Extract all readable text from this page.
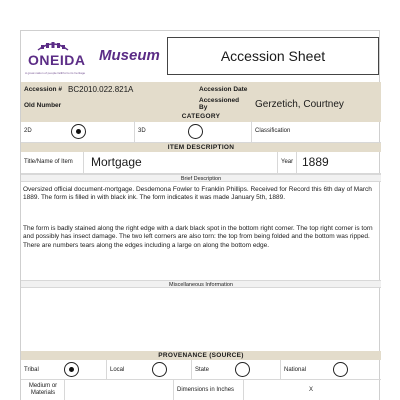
ONEIDA
A great nation of people faithful to its heritage
Museum	Accession Sheet
Accession # BC2010.022.821A	Accession Date
Old Number
Accessioned By	Gerzetich, Courtney
CATEGORY
2D	3D	Classification
ITEM DESCRIPTION
Title/Name of Item Mortgage	Year 1889
Brief Description
Oversized official document-mortgage. Desdemona Fowler to Franklin Phillips. Received for Record this 6th day of March 1889. The form is filled in with black ink. The form indicates it was made January 5th, 1889.
The form is badly stained along the right edge with a dark black spot in the bottom right corner. The top right corner is torn and possibly has insect damage. The two left corners are also torn: the top from being folded and the bottom was ripped. There are numbers tears along the edges including a large on along the bottom edge.
Miscellaneous Information
PROVENANCE (SOURCE)
Tribal	Local	State	National
Medium or Materials	Dimensions in Inches	X
